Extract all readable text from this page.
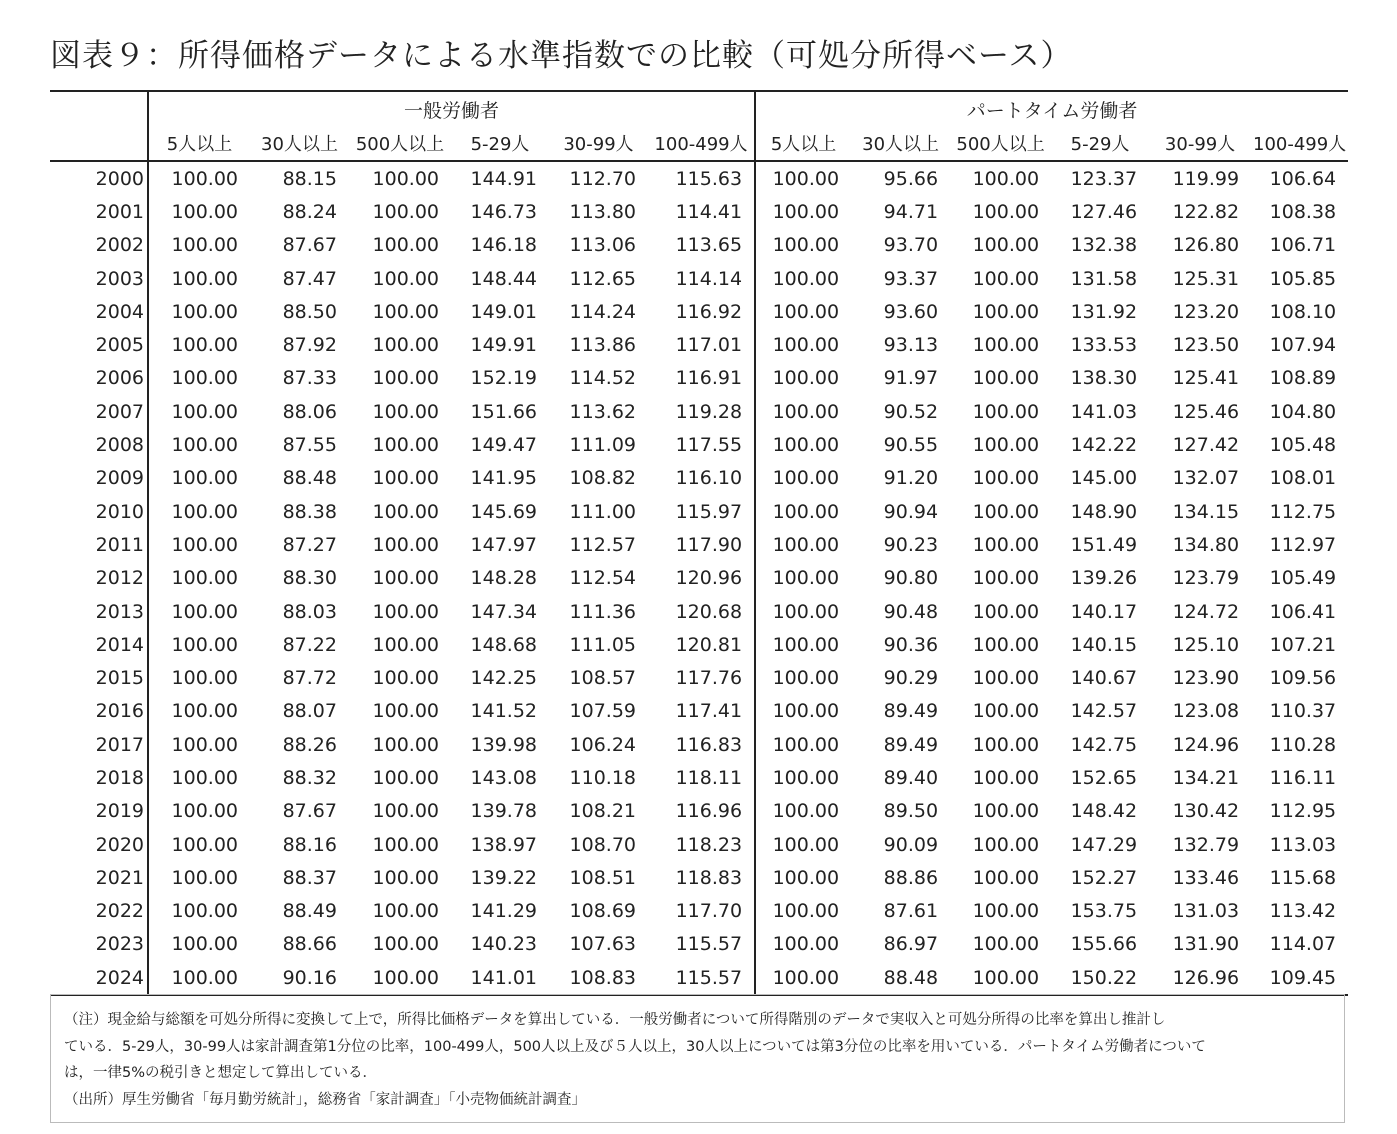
図表９：所得価格データによる水準指数での比較（可処分所得ベース）
	一般労働者						パートタイム労働者					
	5人以上	30人以上	500人以上	5-29人	30-99人	100-499人	5人以上	30人以上	500人以上	5-29人	30-99人	100-499人
2000	100.00	88.15	100.00	144.91	112.70	115.63	100.00	95.66	100.00	123.37	119.99	106.64
2001	100.00	88.24	100.00	146.73	113.80	114.41	100.00	94.71	100.00	127.46	122.82	108.38
2002	100.00	87.67	100.00	146.18	113.06	113.65	100.00	93.70	100.00	132.38	126.80	106.71
2003	100.00	87.47	100.00	148.44	112.65	114.14	100.00	93.37	100.00	131.58	125.31	105.85
2004	100.00	88.50	100.00	149.01	114.24	116.92	100.00	93.60	100.00	131.92	123.20	108.10
2005	100.00	87.92	100.00	149.91	113.86	117.01	100.00	93.13	100.00	133.53	123.50	107.94
2006	100.00	87.33	100.00	152.19	114.52	116.91	100.00	91.97	100.00	138.30	125.41	108.89
2007	100.00	88.06	100.00	151.66	113.62	119.28	100.00	90.52	100.00	141.03	125.46	104.80
2008	100.00	87.55	100.00	149.47	111.09	117.55	100.00	90.55	100.00	142.22	127.42	105.48
2009	100.00	88.48	100.00	141.95	108.82	116.10	100.00	91.20	100.00	145.00	132.07	108.01
2010	100.00	88.38	100.00	145.69	111.00	115.97	100.00	90.94	100.00	148.90	134.15	112.75
2011	100.00	87.27	100.00	147.97	112.57	117.90	100.00	90.23	100.00	151.49	134.80	112.97
2012	100.00	88.30	100.00	148.28	112.54	120.96	100.00	90.80	100.00	139.26	123.79	105.49
2013	100.00	88.03	100.00	147.34	111.36	120.68	100.00	90.48	100.00	140.17	124.72	106.41
2014	100.00	87.22	100.00	148.68	111.05	120.81	100.00	90.36	100.00	140.15	125.10	107.21
2015	100.00	87.72	100.00	142.25	108.57	117.76	100.00	90.29	100.00	140.67	123.90	109.56
2016	100.00	88.07	100.00	141.52	107.59	117.41	100.00	89.49	100.00	142.57	123.08	110.37
2017	100.00	88.26	100.00	139.98	106.24	116.83	100.00	89.49	100.00	142.75	124.96	110.28
2018	100.00	88.32	100.00	143.08	110.18	118.11	100.00	89.40	100.00	152.65	134.21	116.11
2019	100.00	87.67	100.00	139.78	108.21	116.96	100.00	89.50	100.00	148.42	130.42	112.95
2020	100.00	88.16	100.00	138.97	108.70	118.23	100.00	90.09	100.00	147.29	132.79	113.03
2021	100.00	88.37	100.00	139.22	108.51	118.83	100.00	88.86	100.00	152.27	133.46	115.68
2022	100.00	88.49	100.00	141.29	108.69	117.70	100.00	87.61	100.00	153.75	131.03	113.42
2023	100.00	88.66	100.00	140.23	107.63	115.57	100.00	86.97	100.00	155.66	131.90	114.07
2024	100.00	90.16	100.00	141.01	108.83	115.57	100.00	88.48	100.00	150.22	126.96	109.45
（注）現金給与総額を可処分所得に変換して上で，所得比価格データを算出している．一般労働者について所得階別のデータで実収入と可処分所得の比率を算出し推計し
ている．5-29人，30-99人は家計調査第1分位の比率，100-499人，500人以上及び５人以上，30人以上については第3分位の比率を用いている．パートタイム労働者について
は，一律5%の税引きと想定して算出している．
（出所）厚生労働省「毎月勤労統計」，総務省「家計調査」「小売物価統計調査」
